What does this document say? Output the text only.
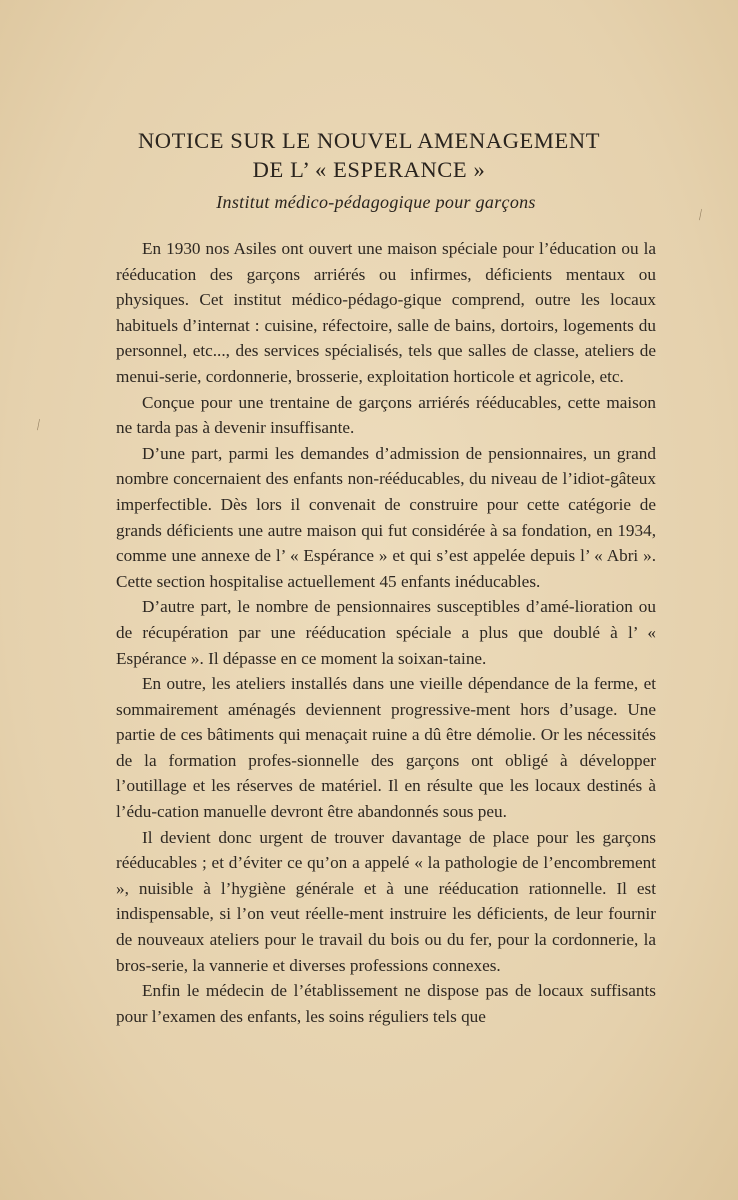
NOTICE SUR LE NOUVEL AMENAGEMENT
DE L’ « ESPERANCE »

Institut médico-pédagogique pour garçons

⁄
⁄

En 1930 nos Asiles ont ouvert une maison spéciale pour l’éducation ou la rééducation des garçons arriérés ou infirmes, déficients mentaux ou physiques. Cet institut médico-pédago-gique comprend, outre les locaux habituels d’internat : cuisine, réfectoire, salle de bains, dortoirs, logements du personnel, etc..., des services spécialisés, tels que salles de classe, ateliers de menui-serie, cordonnerie, brosserie, exploitation horticole et agricole, etc.

Conçue pour une trentaine de garçons arriérés rééducables, cette maison ne tarda pas à devenir insuffisante.

D’une part, parmi les demandes d’admission de pensionnaires, un grand nombre concernaient des enfants non-rééducables, du niveau de l’idiot-gâteux imperfectible. Dès lors il convenait de construire pour cette catégorie de grands déficients une autre maison qui fut considérée à sa fondation, en 1934, comme une annexe de l’ « Espérance » et qui s’est appelée depuis l’ « Abri ». Cette section hospitalise actuellement 45 enfants inéducables.

D’autre part, le nombre de pensionnaires susceptibles d’amé-lioration ou de récupération par une rééducation spéciale a plus que doublé à l’ « Espérance ». Il dépasse en ce moment la soixan-taine.

En outre, les ateliers installés dans une vieille dépendance de la ferme, et sommairement aménagés deviennent progressive-ment hors d’usage. Une partie de ces bâtiments qui menaçait ruine a dû être démolie. Or les nécessités de la formation profes-sionnelle des garçons ont obligé à développer l’outillage et les réserves de matériel. Il en résulte que les locaux destinés à l’édu-cation manuelle devront être abandonnés sous peu.

Il devient donc urgent de trouver davantage de place pour les garçons rééducables ; et d’éviter ce qu’on a appelé « la pathologie de l’encombrement », nuisible à l’hygiène générale et à une rééducation rationnelle. Il est indispensable, si l’on veut réelle-ment instruire les déficients, de leur fournir de nouveaux ateliers pour le travail du bois ou du fer, pour la cordonnerie, la bros-serie, la vannerie et diverses professions connexes.

Enfin le médecin de l’établissement ne dispose pas de locaux suffisants pour l’examen des enfants, les soins réguliers tels que
